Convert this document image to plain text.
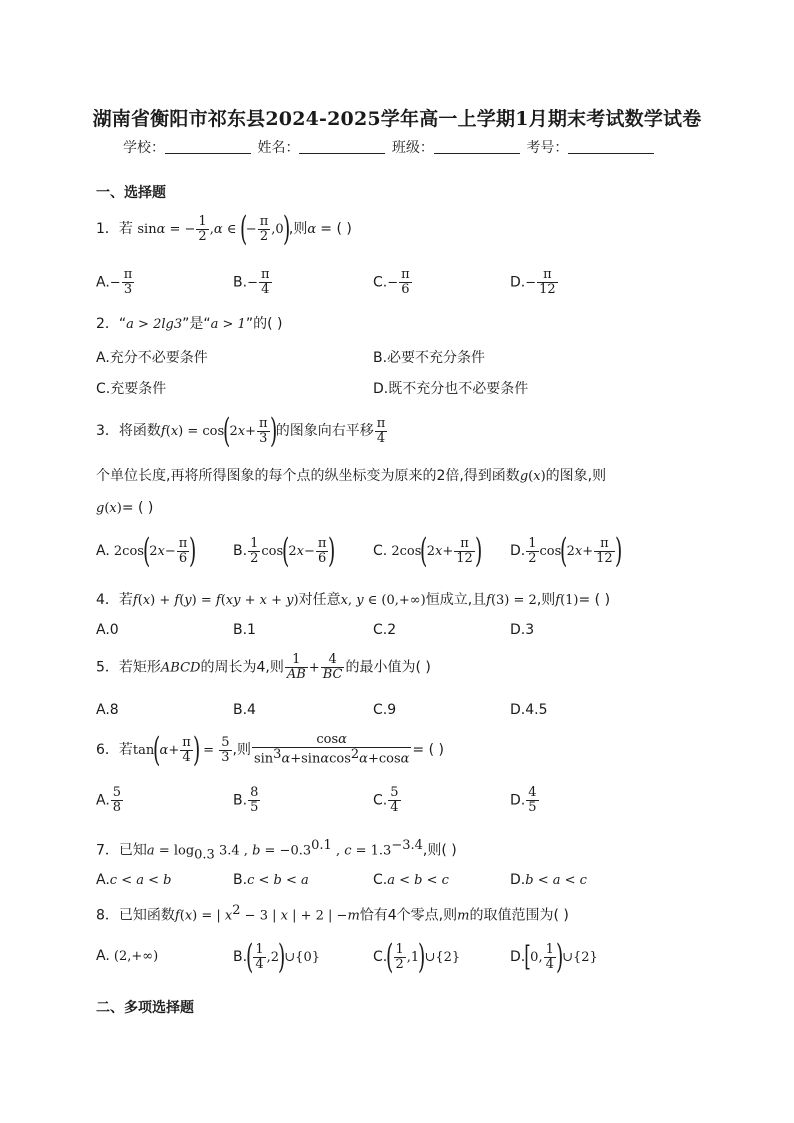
湖南省衡阳市祁东县2024-2025学年高一上学期1月期末考试数学试卷
学校：	姓名：	班级：	考号：
一、选择题
1．若 sinα = − $\frac{1}{2} ,\alpha$ ∈ (− $\frac{\pi}{2} ,0$),则α = ( )
$A.- \frac{\pi}{3}$	$B.- \frac{\pi}{4}$	$C.- \frac{\pi}{6}$	$D.- \frac{\pi}{12}$
2．“a > 2lg3”是“a > 1”的( )
A.充分不必要条件	B.必要不充分条件
C.充要条件	D.既不充分也不必要条件
3．将函数$f(x) = \cos(2x+ \frac{\pi}{3}$ )的图象向右平移 $\frac{\pi}{4}$
个单位长度,再将所得图象的每个点的纵坐标变为原来的2倍,得到函数g(x)的图象,则
g(x)= ( )
A. $2\cos(2x- \frac{\pi}{6}$ )	B. $\frac{1}{2} \cos(2x- \frac{\pi}{6}$ )	C. $2\cos(2x+ \frac{\pi}{12}$ ) D. $\frac{1}{2} \cos(2x+ \frac{\pi}{12}$ )
4．若f(x) + f(y) = f(xy + x + y)对任意x, y ∈ (0,+∞)恒成立,且f(3) = 2,则f(1)= ( )
A.0	B.1	C.2	D.3
5．若矩形ABCD的周长为4,则 $\frac{1}{AB} + \frac{4}{BC}$ 的最小值为( )
A.8	B.4	C.9	D.4.5
6．若$\tan(\alpha+ \frac{\pi}{4}$ ) = $\frac{5}{3}$ ,则 $\frac{\cos\alpha}{\sin^3\alpha+\sin\alpha\cos^2\alpha+\cos\alpha}$ = ( )
A. $\frac{5}{8}$	B. $\frac{8}{5}$	C. $\frac{5}{4}$	D. $\frac{4}{5}$
7．已知$a = \log_{0.3} 3.4$ , $b = -0.3^{0.1}$ , $c = 1.3^{-3.4}$,则( )
A.c < a < b	B.c < b < a	C.a < b < c	D.b < a < c
8．已知函数f(x) = | $x^2 - 3$ | x | + 2 | −m恰有4个零点,则m的取值范围为( )
A. (2,+∞)	$B.( \frac{1}{4}$ ,2)∪{0}	$C.( \frac{1}{2}$ ,1)∪{2}	D.[0, $\frac{1}{4}$ )∪{2}
二、多项选择题
